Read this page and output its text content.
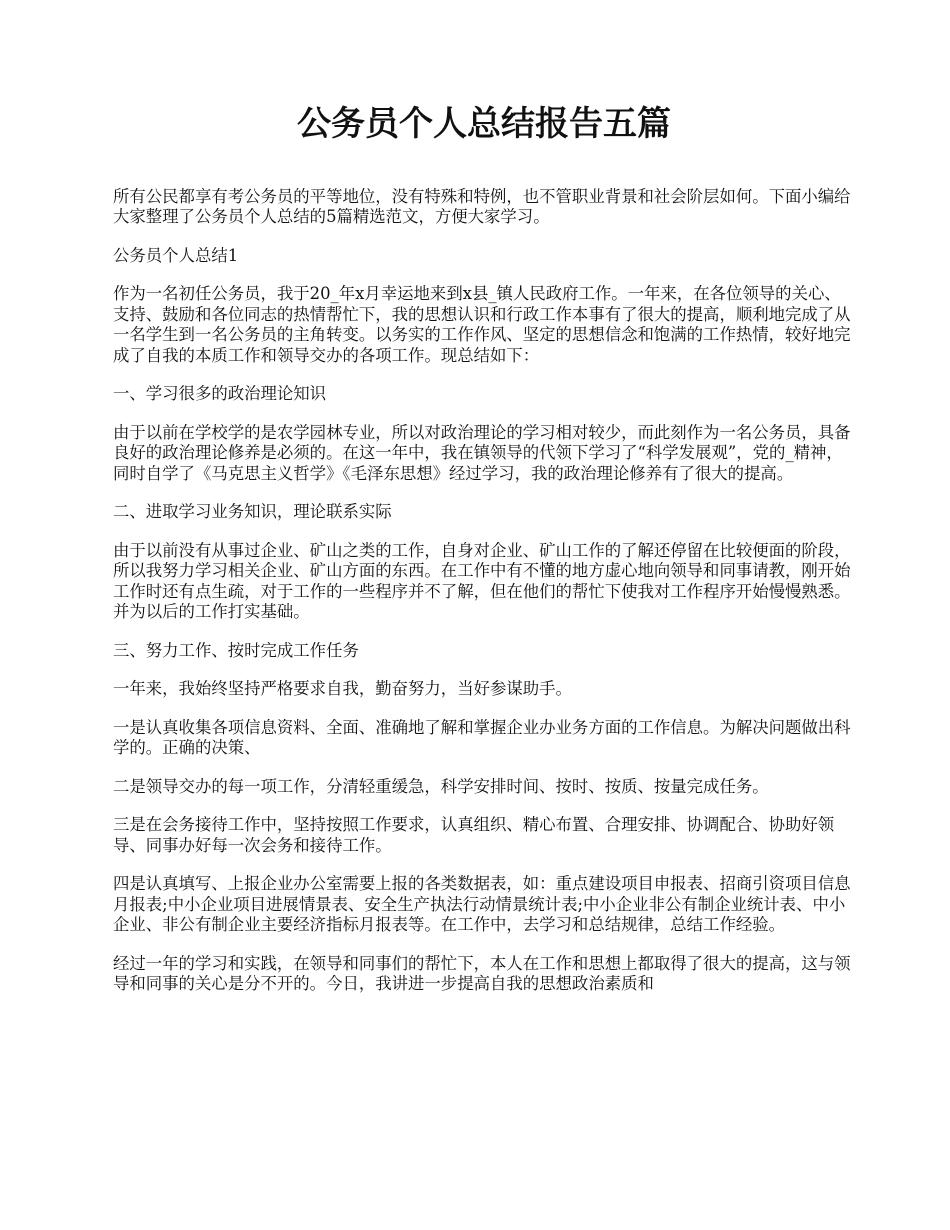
公务员个人总结报告五篇

所有公民都享有考公务员的平等地位，没有特殊和特例，也不管职业背景和社会阶层如何。下面小编给大家整理了公务员个人总结的5篇精选范文，方便大家学习。

公务员个人总结1

作为一名初任公务员，我于20_年x月幸运地来到x县_镇人民政府工作。一年来，在各位领导的关心、支持、鼓励和各位同志的热情帮忙下，我的思想认识和行政工作本事有了很大的提高，顺利地完成了从一名学生到一名公务员的主角转变。以务实的工作作风、坚定的思想信念和饱满的工作热情，较好地完成了自我的本质工作和领导交办的各项工作。现总结如下：

一、学习很多的政治理论知识

由于以前在学校学的是农学园林专业，所以对政治理论的学习相对较少，而此刻作为一名公务员，具备良好的政治理论修养是必须的。在这一年中，我在镇领导的代领下学习了“科学发展观”，党的_精神，同时自学了《马克思主义哲学》《毛泽东思想》经过学习，我的政治理论修养有了很大的提高。

二、进取学习业务知识，理论联系实际

由于以前没有从事过企业、矿山之类的工作，自身对企业、矿山工作的了解还停留在比较便面的阶段，所以我努力学习相关企业、矿山方面的东西。在工作中有不懂的地方虚心地向领导和同事请教，刚开始工作时还有点生疏，对于工作的一些程序并不了解，但在他们的帮忙下使我对工作程序开始慢慢熟悉。并为以后的工作打实基础。

三、努力工作、按时完成工作任务

一年来，我始终坚持严格要求自我，勤奋努力，当好参谋助手。

一是认真收集各项信息资料、全面、准确地了解和掌握企业办业务方面的工作信息。为解决问题做出科学的。正确的决策、

二是领导交办的每一项工作，分清轻重缓急，科学安排时间、按时、按质、按量完成任务。

三是在会务接待工作中，坚持按照工作要求，认真组织、精心布置、合理安排、协调配合、协助好领导、同事办好每一次会务和接待工作。

四是认真填写、上报企业办公室需要上报的各类数据表，如：重点建设项目申报表、招商引资项目信息月报表;中小企业项目进展情景表、安全生产执法行动情景统计表;中小企业非公有制企业统计表、中小企业、非公有制企业主要经济指标月报表等。在工作中，去学习和总结规律，总结工作经验。

经过一年的学习和实践，在领导和同事们的帮忙下，本人在工作和思想上都取得了很大的提高，这与领导和同事的关心是分不开的。今日，我讲进一步提高自我的思想政治素质和
